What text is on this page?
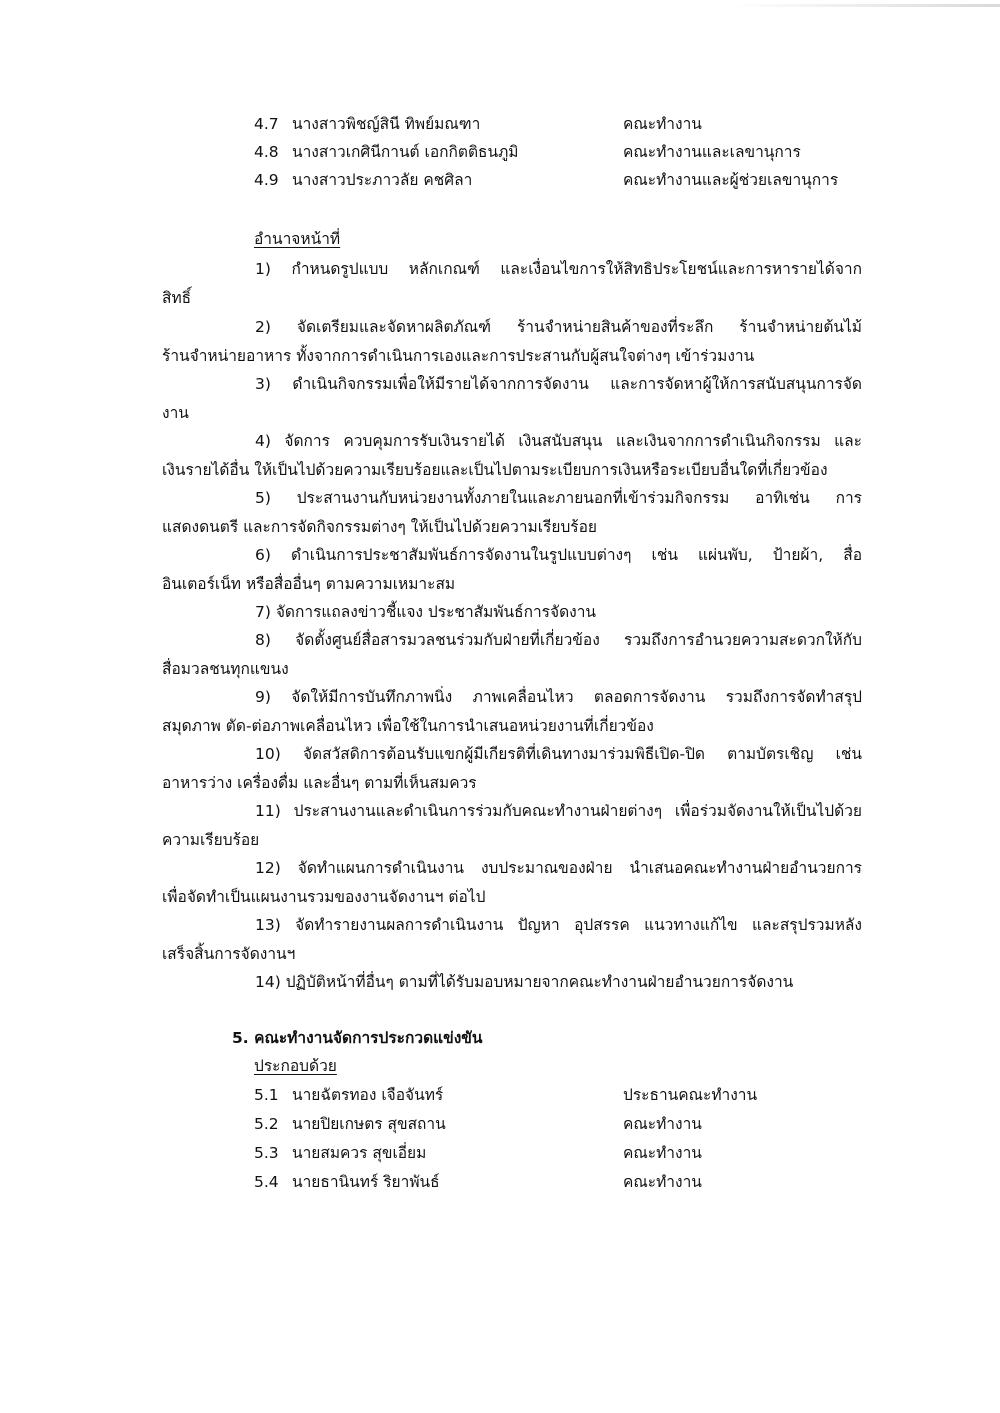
4.7 นางสาวพิชญ์สินี ทิพย์มณฑา	คณะทำงาน
4.8 นางสาวเกศินีกานต์ เอกกิตติธนภูมิ	คณะทำงานและเลขานุการ
4.9 นางสาวประภาวลัย คชศิลา	คณะทำงานและผู้ช่วยเลขานุการ
อำนาจหน้าที่
1) กำหนดรูปแบบ หลักเกณฑ์ และเงื่อนไขการให้สิทธิประโยชน์และการหารายได้จาก
สิทธิ์
2) จัดเตรียมและจัดหาผลิตภัณฑ์ ร้านจำหน่ายสินค้าของที่ระลึก ร้านจำหน่ายต้นไม้
ร้านจำหน่ายอาหาร ทั้งจากการดำเนินการเองและการประสานกับผู้สนใจต่างๆ เข้าร่วมงาน
3) ดำเนินกิจกรรมเพื่อให้มีรายได้จากการจัดงาน และการจัดหาผู้ให้การสนับสนุนการจัด
งาน
4) จัดการ ควบคุมการรับเงินรายได้ เงินสนับสนุน และเงินจากการดำเนินกิจกรรม และ
เงินรายได้อื่น ให้เป็นไปด้วยความเรียบร้อยและเป็นไปตามระเบียบการเงินหรือระเบียบอื่นใดที่เกี่ยวข้อง
5) ประสานงานกับหน่วยงานทั้งภายในและภายนอกที่เข้าร่วมกิจกรรม อาทิเช่น การ
แสดงดนตรี และการจัดกิจกรรมต่างๆ ให้เป็นไปด้วยความเรียบร้อย
6) ดำเนินการประชาสัมพันธ์การจัดงานในรูปแบบต่างๆ เช่น แผ่นพับ, ป้ายผ้า, สื่อ
อินเตอร์เน็ท หรือสื่ออื่นๆ ตามความเหมาะสม
7) จัดการแถลงข่าวชี้แจง ประชาสัมพันธ์การจัดงาน
8) จัดตั้งศูนย์สื่อสารมวลชนร่วมกับฝ่ายที่เกี่ยวข้อง รวมถึงการอำนวยความสะดวกให้กับ
สื่อมวลชนทุกแขนง
9) จัดให้มีการบันทึกภาพนิ่ง ภาพเคลื่อนไหว ตลอดการจัดงาน รวมถึงการจัดทำสรุป
สมุดภาพ ตัด-ต่อภาพเคลื่อนไหว เพื่อใช้ในการนำเสนอหน่วยงานที่เกี่ยวข้อง
10) จัดสวัสดิการต้อนรับแขกผู้มีเกียรติที่เดินทางมาร่วมพิธีเปิด-ปิด ตามบัตรเชิญ เช่น
อาหารว่าง เครื่องดื่ม และอื่นๆ ตามที่เห็นสมควร
11) ประสานงานและดำเนินการร่วมกับคณะทำงานฝ่ายต่างๆ เพื่อร่วมจัดงานให้เป็นไปด้วย
ความเรียบร้อย
12) จัดทำแผนการดำเนินงาน งบประมาณของฝ่าย นำเสนอคณะทำงานฝ่ายอำนวยการ
เพื่อจัดทำเป็นแผนงานรวมของงานจัดงานฯ ต่อไป
13) จัดทำรายงานผลการดำเนินงาน ปัญหา อุปสรรค แนวทางแก้ไข และสรุปรวมหลัง
เสร็จสิ้นการจัดงานฯ
14) ปฏิบัติหน้าที่อื่นๆ ตามที่ได้รับมอบหมายจากคณะทำงานฝ่ายอำนวยการจัดงาน
5. คณะทำงานจัดการประกวดแข่งขัน
ประกอบด้วย
5.1 นายฉัตรทอง เจือจันทร์	ประธานคณะทำงาน
5.2 นายปิยเกษตร สุขสถาน	คณะทำงาน
5.3 นายสมควร สุขเอี่ยม	คณะทำงาน
5.4 นายธานินทร์ ริยาพันธ์	คณะทำงาน
